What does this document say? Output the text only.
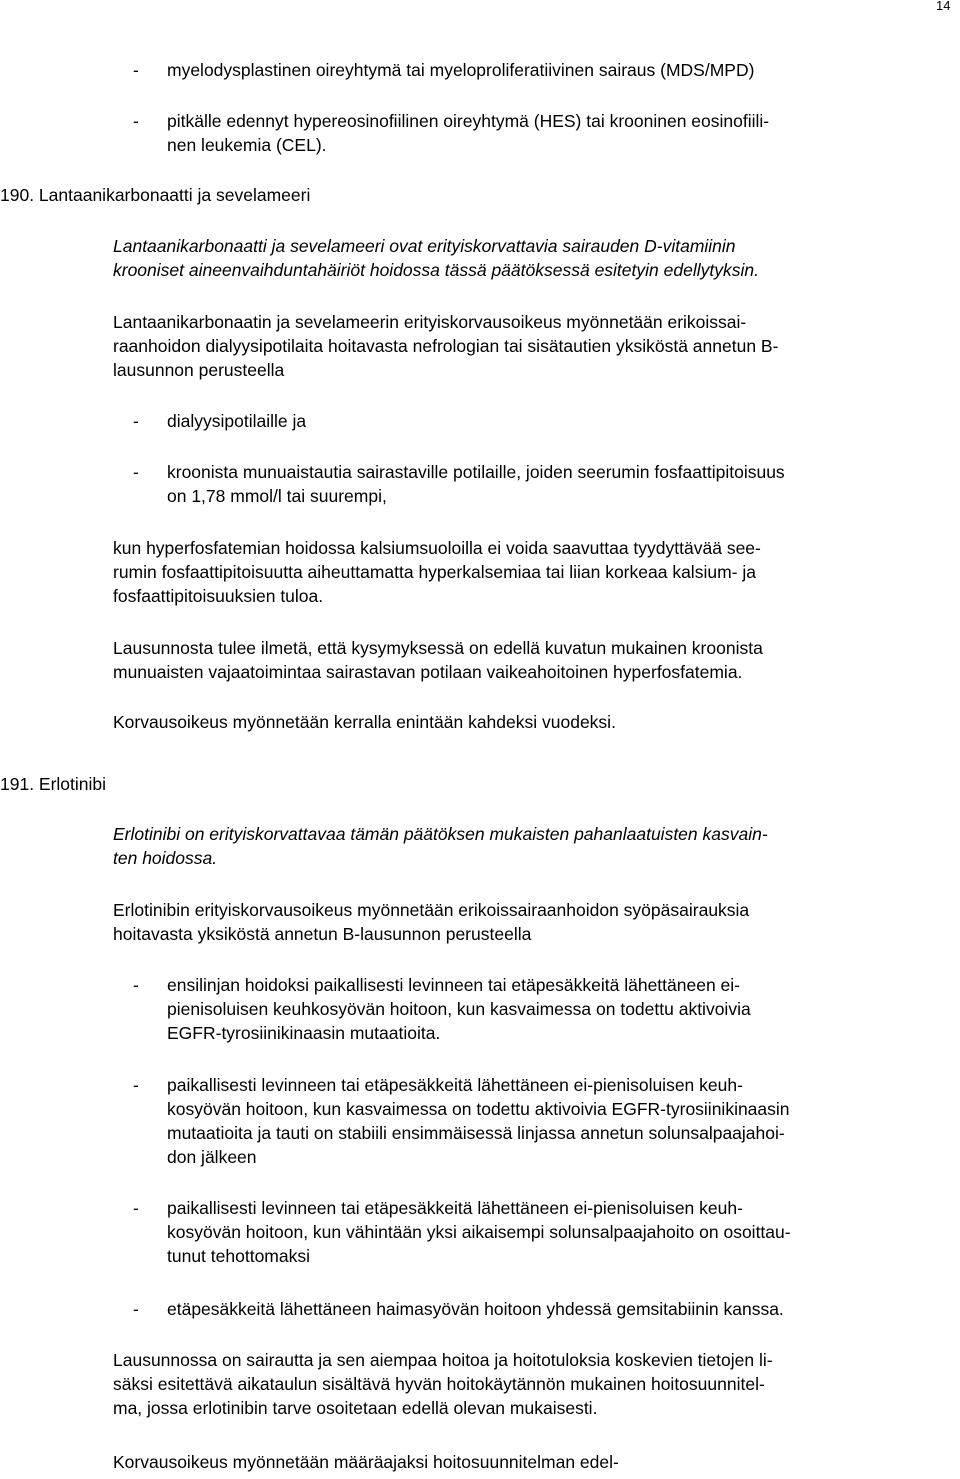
14
- myelodysplastinen oireyhtymä tai myeloproliferatiivinen sairaus (MDS/MPD)
- pitkälle edennyt hypereosinofiilinen oireyhtymä (HES) tai krooninen eosinofiili-
nen leukemia (CEL).
190. Lantaanikarbonaatti ja sevelameeri
Lantaanikarbonaatti ja sevelameeri ovat erityiskorvattavia sairauden D-vitamiinin
krooniset aineenvaihduntahäiriöt hoidossa tässä päätöksessä esitetyin edellytyksin.
Lantaanikarbonaatin ja sevelameerin erityiskorvausoikeus myönnetään erikoissai-
raanhoidon dialyysipotilaita hoitavasta nefrologian tai sisätautien yksiköstä annetun B-
lausunnon perusteella
- dialyysipotilaille ja
- kroonista munuaistautia sairastaville potilaille, joiden seerumin fosfaattipitoisuus
on 1,78 mmol/l tai suurempi,
kun hyperfosfatemian hoidossa kalsiumsuoloilla ei voida saavuttaa tyydyttävää see-
rumin fosfaattipitoisuutta aiheuttamatta hyperkalsemiaa tai liian korkeaa kalsium- ja
fosfaattipitoisuuksien tuloa.
Lausunnosta tulee ilmetä, että kysymyksessä on edellä kuvatun mukainen kroonista
munuaisten vajaatoimintaa sairastavan potilaan vaikeahoitoinen hyperfosfatemia.
Korvausoikeus myönnetään kerralla enintään kahdeksi vuodeksi.
191. Erlotinibi
Erlotinibi on erityiskorvattavaa tämän päätöksen mukaisten pahanlaatuisten kasvain-
ten hoidossa.
Erlotinibin erityiskorvausoikeus myönnetään erikoissairaanhoidon syöpäsairauksia
hoitavasta yksiköstä annetun B-lausunnon perusteella
- ensilinjan hoidoksi paikallisesti levinneen tai etäpesäkkeitä lähettäneen ei-
pienisoluisen keuhkosyövän hoitoon, kun kasvaimessa on todettu aktivoivia
EGFR-tyrosiinikinaasin mutaatioita.
- paikallisesti levinneen tai etäpesäkkeitä lähettäneen ei-pienisoluisen keuh-
kosyövän hoitoon, kun kasvaimessa on todettu aktivoivia EGFR-tyrosiinikinaasin
mutaatioita ja tauti on stabiili ensimmäisessä linjassa annetun solunsalpaajahoi-
don jälkeen
- paikallisesti levinneen tai etäpesäkkeitä lähettäneen ei-pienisoluisen keuh-
kosyövän hoitoon, kun vähintään yksi aikaisempi solunsalpaajahoito on osoittau-
tunut tehottomaksi
- etäpesäkkeitä lähettäneen haimasyövän hoitoon yhdessä gemsitabiinin kanssa.
Lausunnossa on sairautta ja sen aiempaa hoitoa ja hoitotuloksia koskevien tietojen li-
säksi esitettävä aikataulun sisältävä hyvän hoitokäytännön mukainen hoitosuunnitel-
ma, jossa erlotinibin tarve osoitetaan edellä olevan mukaisesti.
Korvausoikeus myönnetään määräajaksi hoitosuunnitelman edel-
